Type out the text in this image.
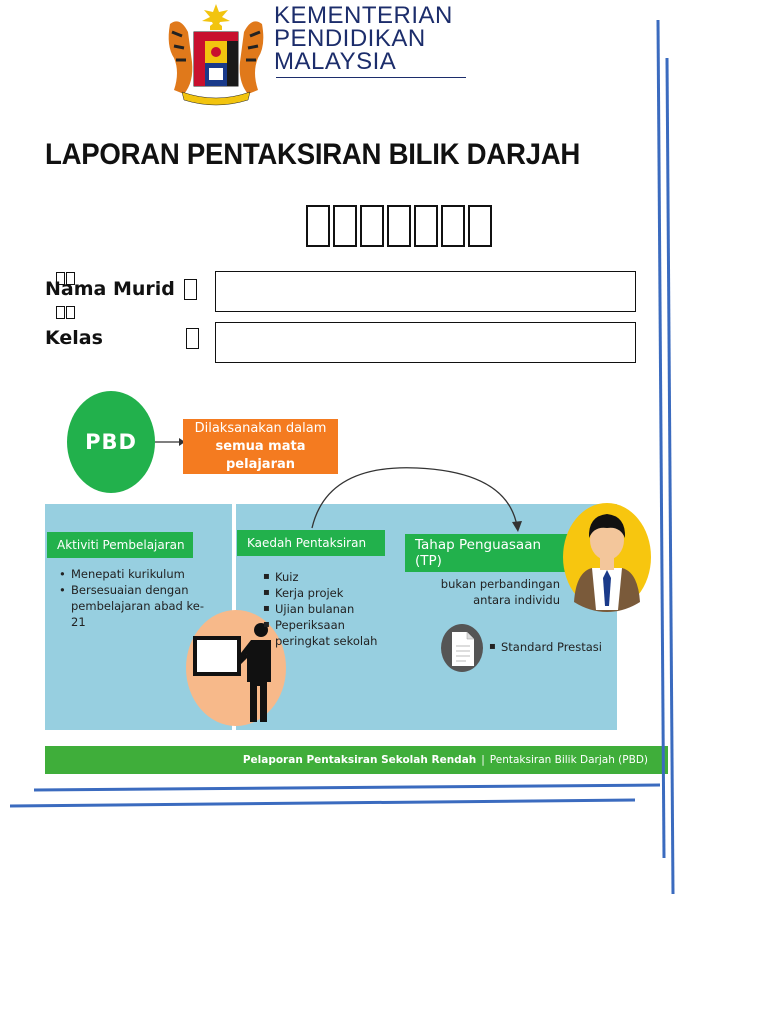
KEMENTERIAN
PENDIDIKAN
MALAYSIA
LAPORAN PENTAKSIRAN BILIK DARJAH
Nama Murid
Kelas
PBD
Dilaksanakan dalam
semua mata pelajaran
Aktiviti Pembelajaran
• Menepati kurikulum
• Bersesuaian dengan pembelajaran abad ke-21
Kaedah Pentaksiran
▪ Kuiz
▪ Kerja projek
▪ Ujian bulanan
▪ Peperiksaan peringkat sekolah
Tahap Penguasaan (TP)
bukan perbandingan
antara individu
▪ Standard Prestasi
Pelaporan Pentaksiran Sekolah Rendah | Pentaksiran Bilik Darjah (PBD)
